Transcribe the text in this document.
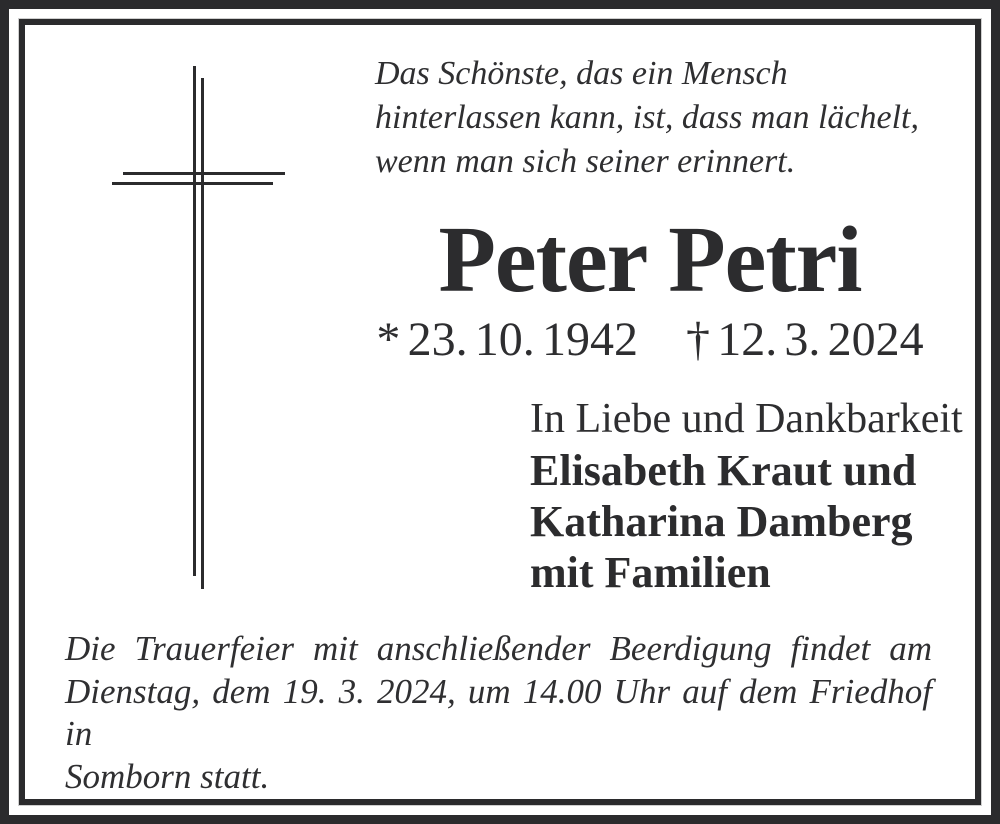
Das Schönste, das ein Mensch
hinterlassen kann, ist, dass man lächelt,
wenn man sich seiner erinnert.
Peter Petri
* 23. 10. 1942 † 12. 3. 2024
In Liebe und Dankbarkeit
Elisabeth Kraut und
Katharina Damberg
mit Familien
Die Trauerfeier mit anschließender Beerdigung findet am
Dienstag, dem 19. 3. 2024, um 14.00 Uhr auf dem Friedhof in
Somborn statt.
